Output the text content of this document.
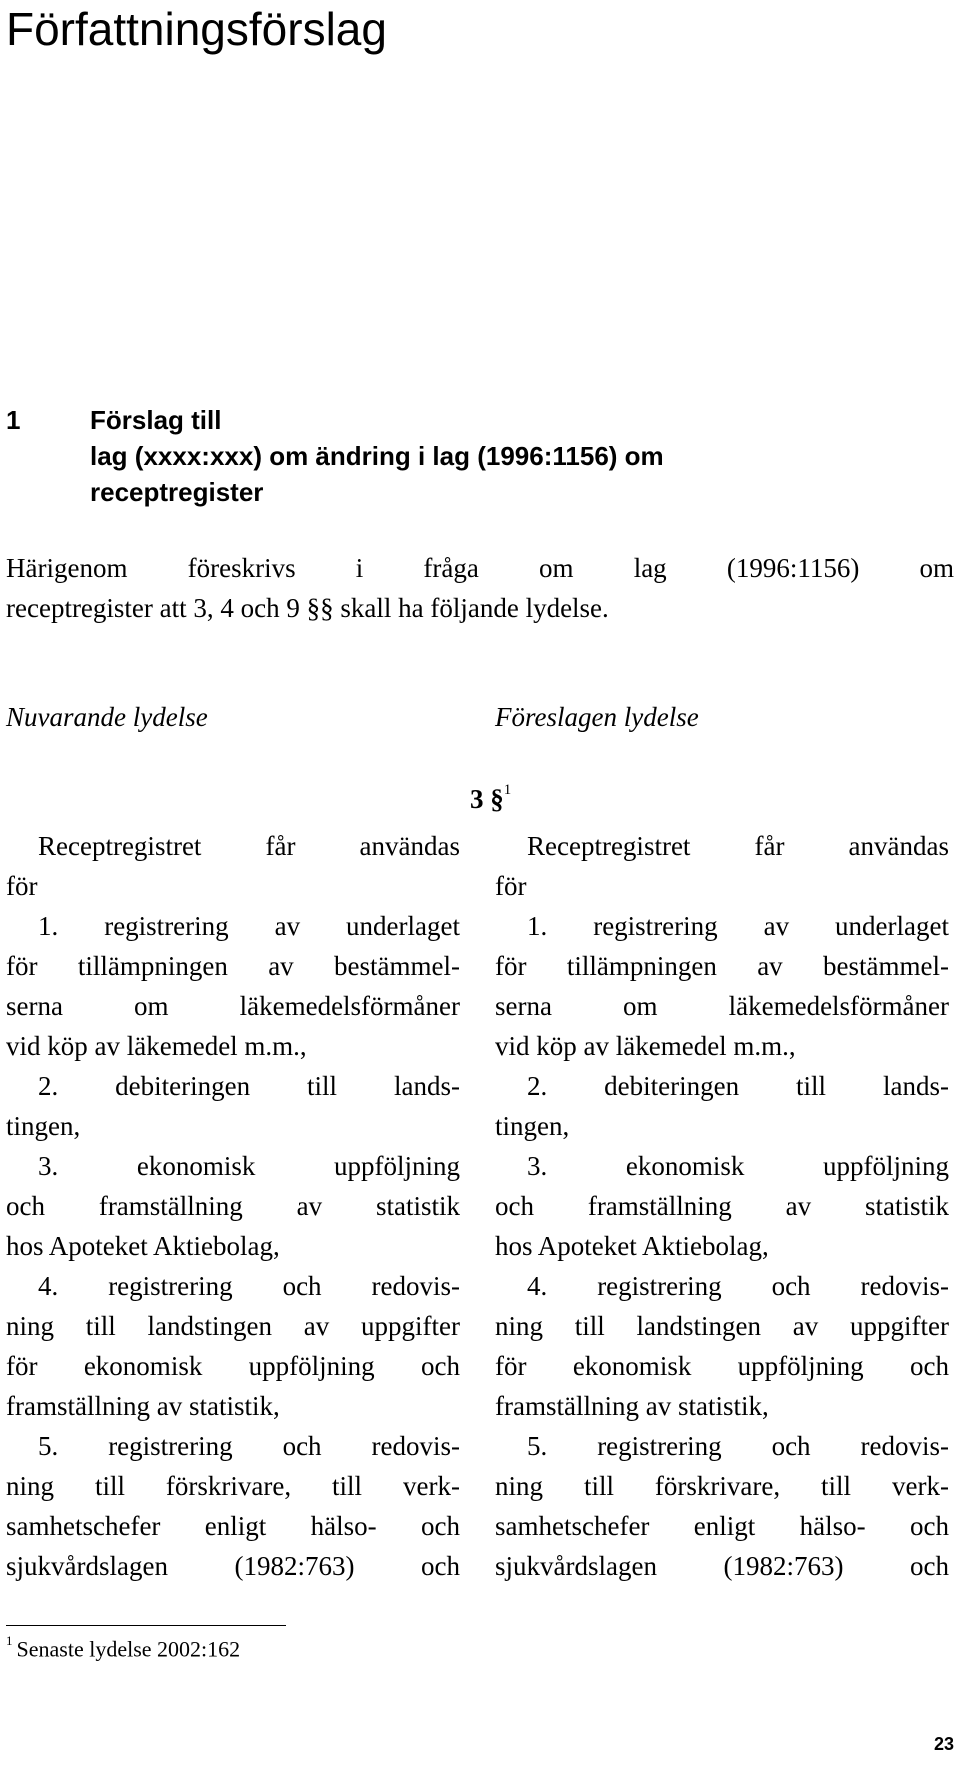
Författningsförslag
1	Förslag till
lag (xxxx:xxx) om ändring i lag (1996:1156) om
receptregister
Härigenom föreskrivs i fråga om lag (1996:1156) om
receptregister att 3, 4 och 9 §§ skall ha följande lydelse.
Nuvarande lydelse	Föreslagen lydelse
3 §$^1$
Receptregistret får användas
för
1. registrering av underlaget
för tillämpningen av bestämmel-
serna	om	läkemedelsförmåner
vid köp av läkemedel m.m.,
2. debiteringen till lands-
tingen,
3.	ekonomisk	uppföljning
och framställning av statistik
hos Apoteket Aktiebolag,
4. registrering och redovis-
ning till landstingen av uppgifter
för ekonomisk uppföljning och
framställning av statistik,
5. registrering och redovis-
ning till förskrivare, till verk-
samhetschefer enligt hälso- och
sjukvårdslagen (1982:763) och
Receptregistret får användas
för
1. registrering av underlaget
för tillämpningen av bestämmel-
serna	om	läkemedelsförmåner
vid köp av läkemedel m.m.,
2. debiteringen till lands-
tingen,
3.	ekonomisk	uppföljning
och framställning av statistik
hos Apoteket Aktiebolag,
4. registrering och redovis-
ning till landstingen av uppgifter
för ekonomisk uppföljning och
framställning av statistik,
5. registrering och redovis-
ning till förskrivare, till verk-
samhetschefer enligt hälso- och
sjukvårdslagen (1982:763) och
$^1$ Senaste lydelse 2002:162
23
